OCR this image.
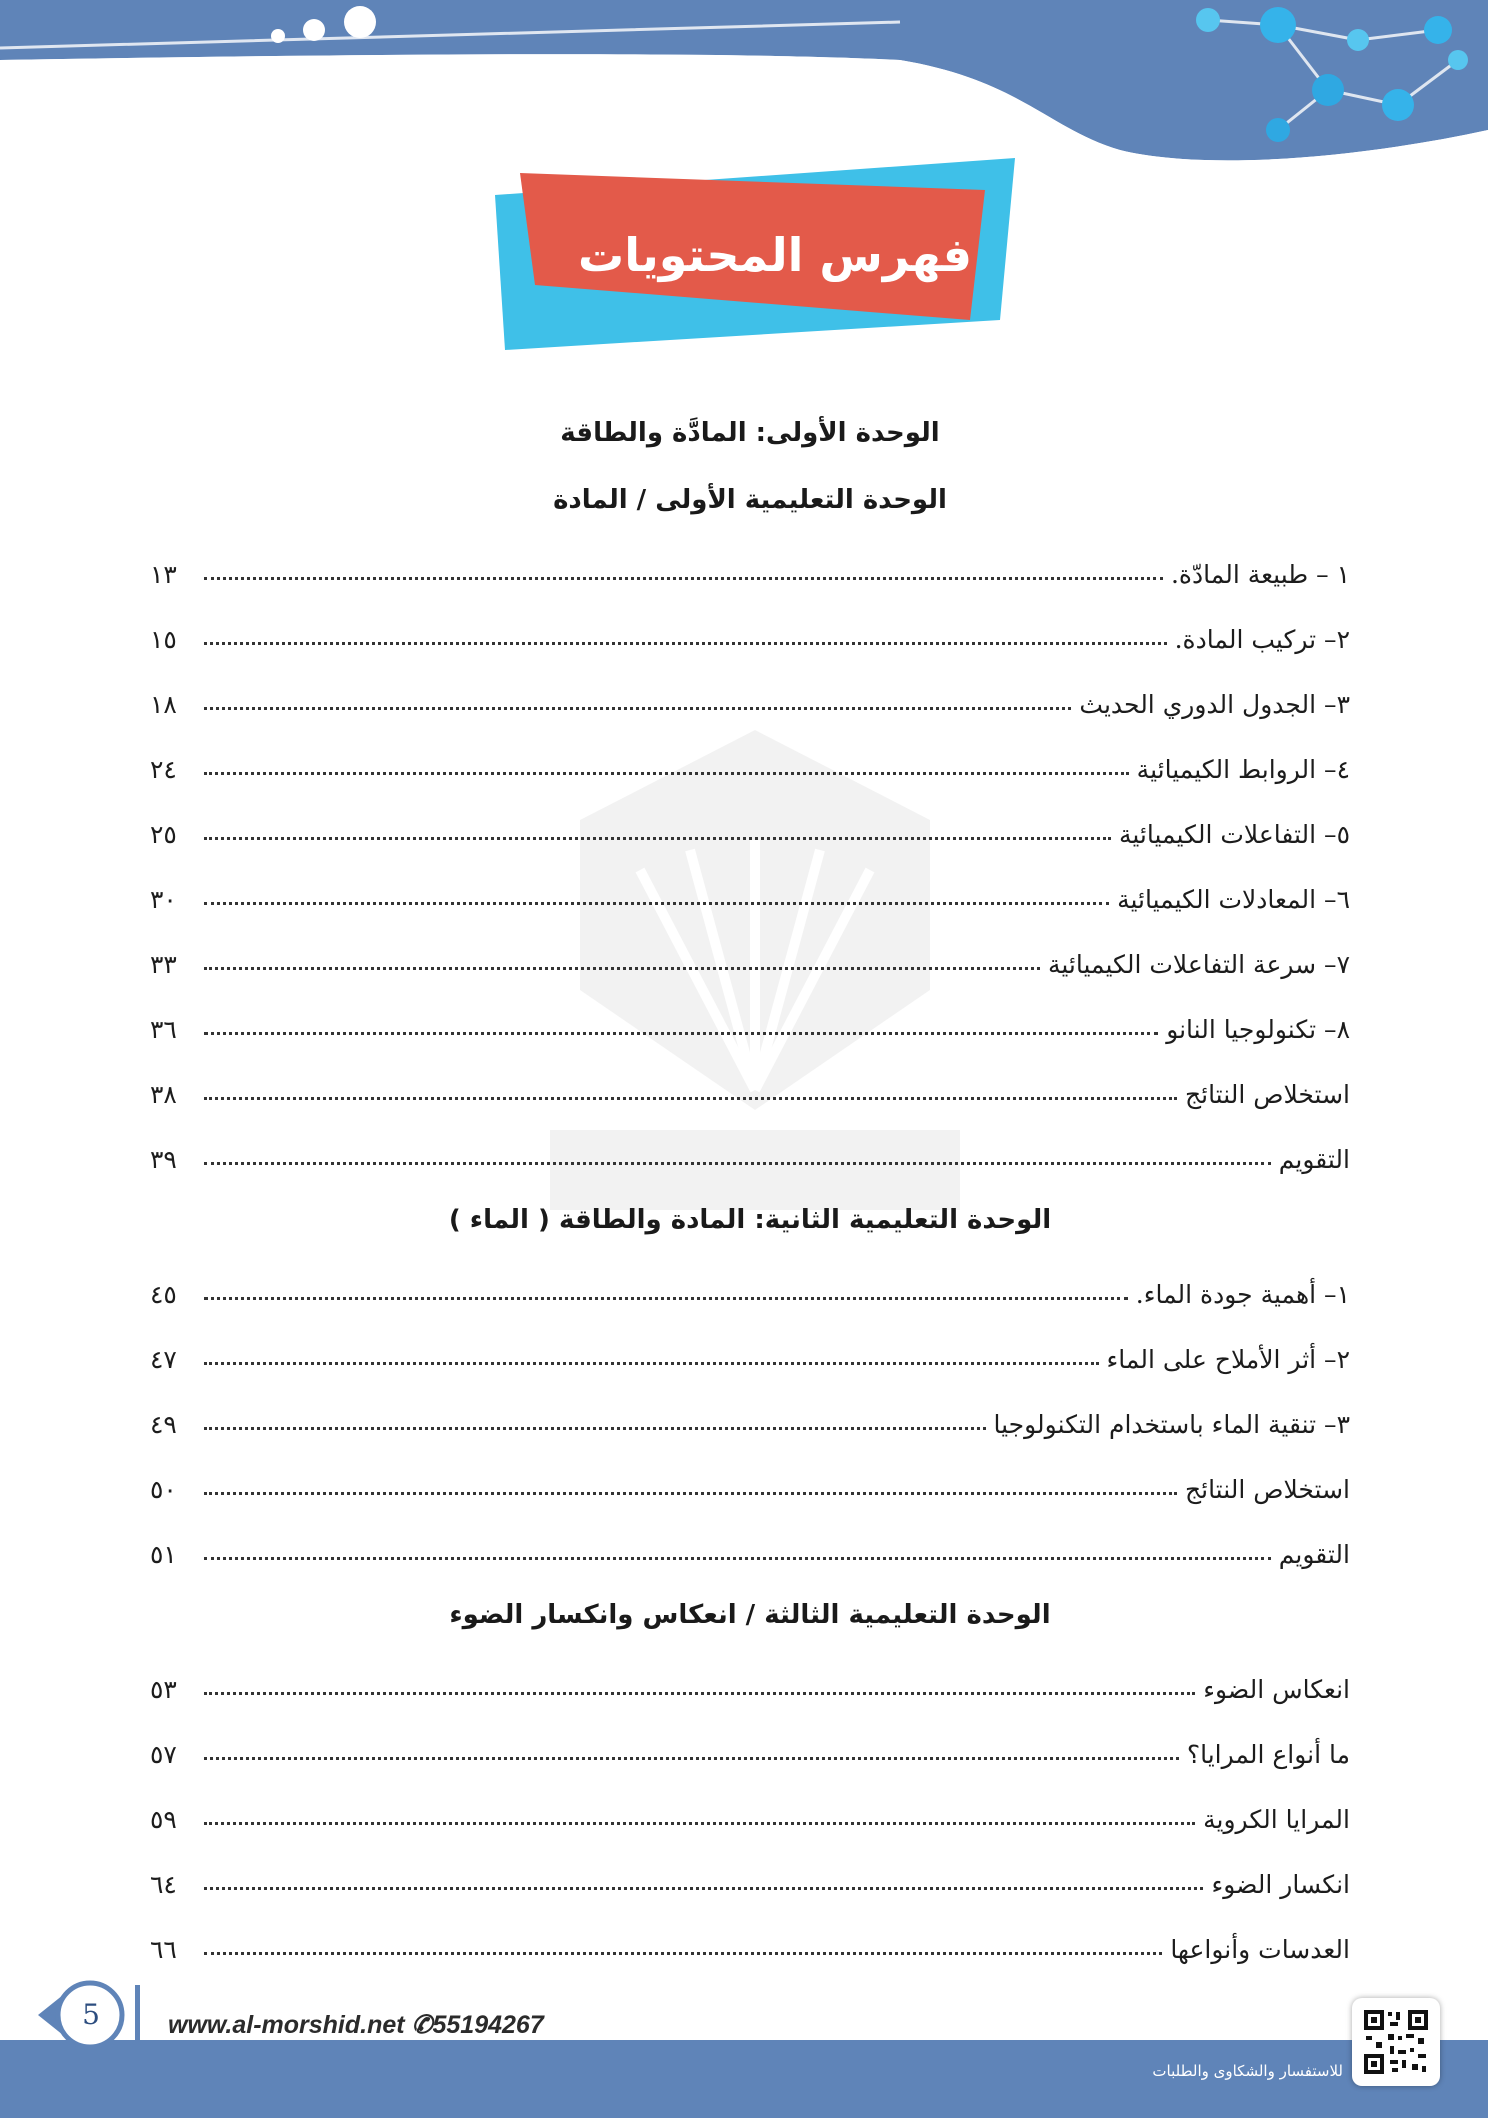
فهرس المحتويات
الوحدة الأولى: المادَّة والطاقة
الوحدة التعليمية الأولى / المادة
١ – طبيعة المادّة.
١٣
٢– تركيب المادة.
١٥
٣– الجدول الدوري الحديث
١٨
٤– الروابط الكيميائية
٢٤
٥– التفاعلات الكيميائية
٢٥
٦– المعادلات الكيميائية
٣٠
٧– سرعة التفاعلات الكيميائية
٣٣
٨– تكنولوجيا النانو
٣٦
استخلاص النتائج
٣٨
التقويم
٣٩
الوحدة التعليمية الثانية: المادة والطاقة ( الماء )
١– أهمية جودة الماء.
٤٥
٢– أثر الأملاح على الماء
٤٧
٣– تنقية الماء باستخدام التكنولوجيا
٤٩
استخلاص النتائج
٥٠
التقويم
٥١
الوحدة التعليمية الثالثة / انعكاس وانكسار الضوء
انعكاس الضوء
٥٣
ما أنواع المرايا؟
٥٧
المرايا الكروية
٥٩
انكسار الضوء
٦٤
العدسات وأنواعها
٦٦
5	www.al-morshid.net ✆55194267
للاستفسار والشكاوى والطلبات
